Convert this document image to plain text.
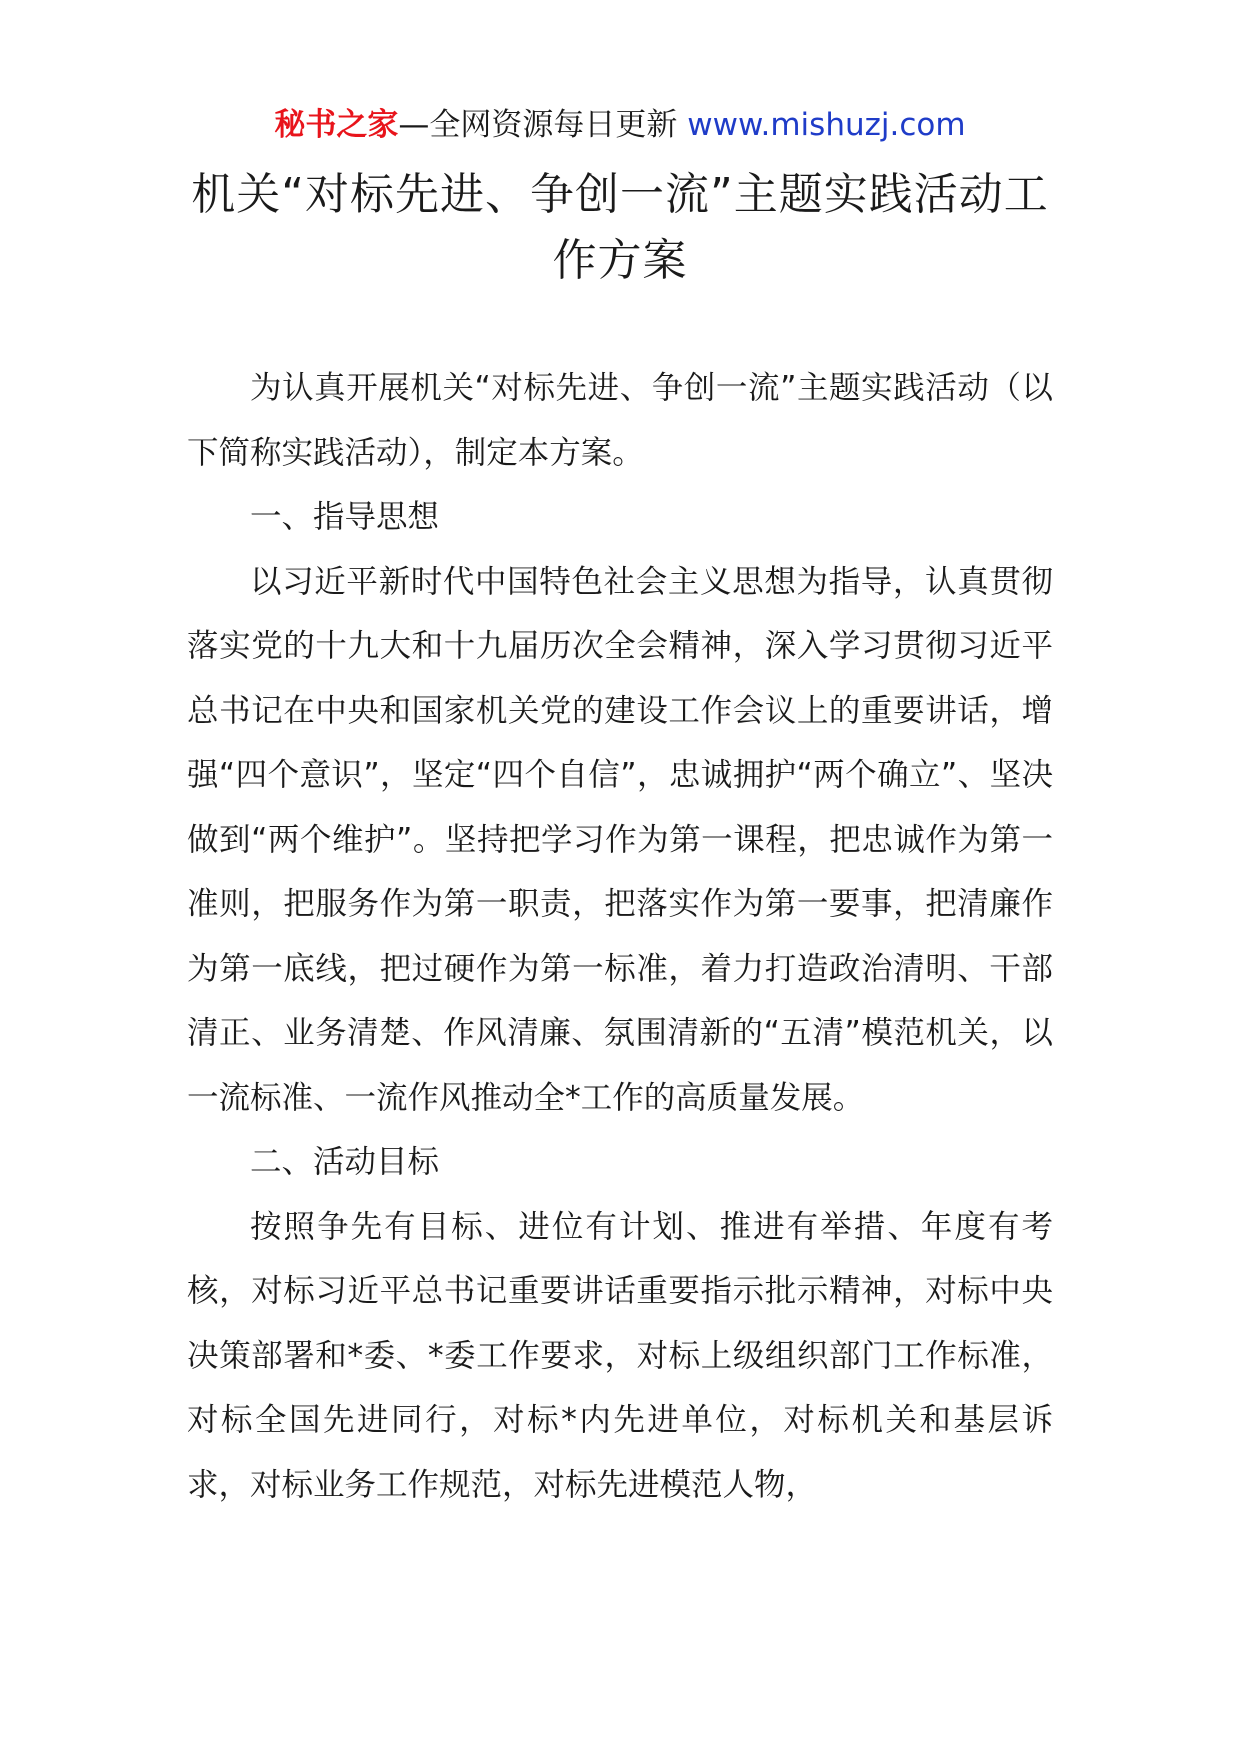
秘书之家—全网资源每日更新 www.mishuzj.com
机关“对标先进、争创一流”主题实践活动工作方案

为认真开展机关“对标先进、争创一流”主题实践活动（以下简称实践活动），制定本方案。

一、指导思想

以习近平新时代中国特色社会主义思想为指导，认真贯彻落实党的十九大和十九届历次全会精神，深入学习贯彻习近平总书记在中央和国家机关党的建设工作会议上的重要讲话，增强“四个意识”，坚定“四个自信”，忠诚拥护“两个确立”、坚决做到“两个维护”。坚持把学习作为第一课程，把忠诚作为第一准则，把服务作为第一职责，把落实作为第一要事，把清廉作为第一底线，把过硬作为第一标准，着力打造政治清明、干部清正、业务清楚、作风清廉、氛围清新的“五清”模范机关，以一流标准、一流作风推动全*工作的高质量发展。

二、活动目标

按照争先有目标、进位有计划、推进有举措、年度有考核，对标习近平总书记重要讲话重要指示批示精神，对标中央决策部署和*委、*委工作要求，对标上级组织部门工作标准，对标全国先进同行，对标*内先进单位，对标机关和基层诉求，对标业务工作规范，对标先进模范人物，
